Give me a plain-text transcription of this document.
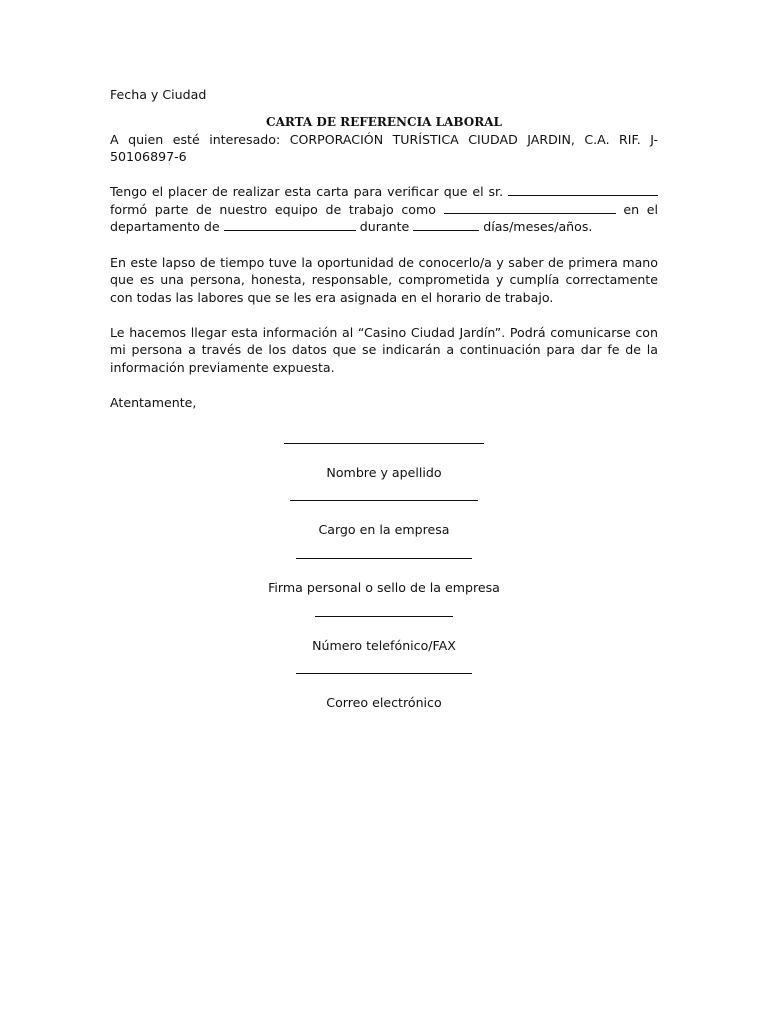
Fecha y Ciudad

CARTA DE REFERENCIA LABORAL

A quien esté interesado: CORPORACIÓN TURÍSTICA CIUDAD JARDIN, C.A. RIF. J-50106897-6

Tengo el placer de realizar esta carta para verificar que el sr.  formó parte de nuestro equipo de trabajo como	en el departamento de	durante	días/meses/años.

En este lapso de tiempo tuve la oportunidad de conocerlo/a y saber de primera mano que es una persona, honesta, responsable, comprometida y cumplía correctamente con todas las labores que se les era asignada en el horario de trabajo.

Le hacemos llegar esta información al “Casino Ciudad Jardín”. Podrá comunicarse con mi persona a través de los datos que se indicarán a continuación para dar fe de la información previamente expuesta.

Atentamente,

Nombre y apellido

Cargo en la empresa

Firma personal o sello de la empresa

Número telefónico/FAX

Correo electrónico
